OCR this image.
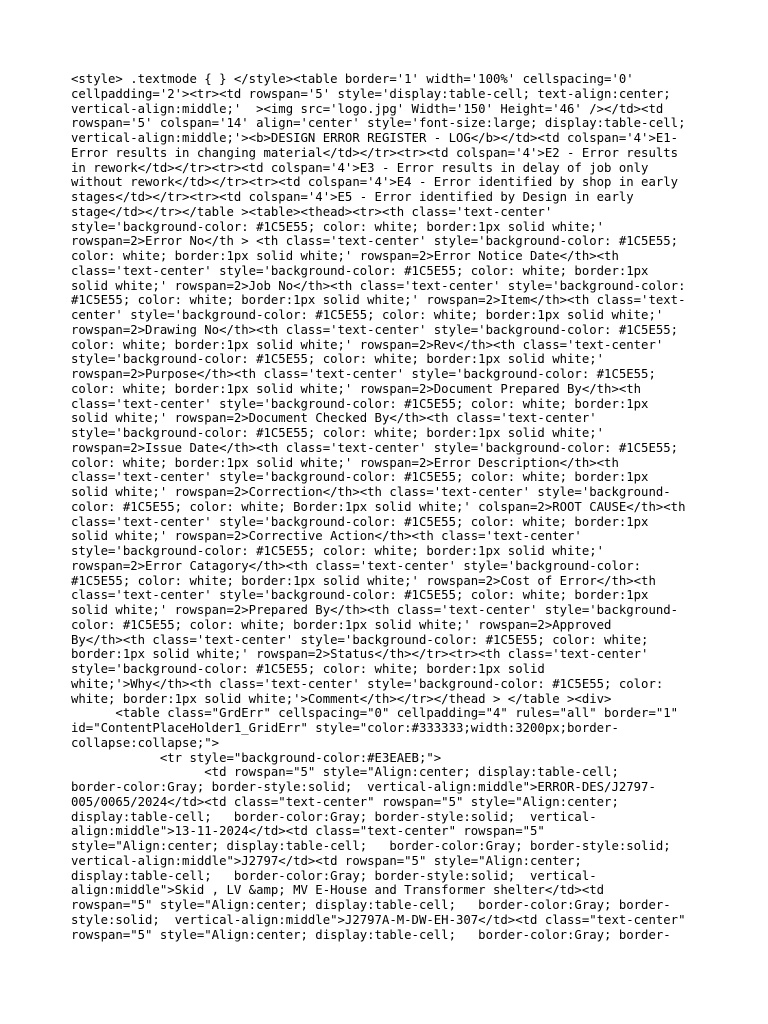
<style> .textmode { } </style><table border='1' width='100%' cellspacing='0'
cellpadding='2'><tr><td rowspan='5' style='display:table-cell; text-align:center;
vertical-align:middle;'  ><img src='logo.jpg' Width='150' Height='46' /></td><td
rowspan='5' colspan='14' align='center' style='font-size:large; display:table-cell;
vertical-align:middle;'><b>DESIGN ERROR REGISTER - LOG</b></td><td colspan='4'>E1-
Error results in changing material</td></tr><tr><td colspan='4'>E2 - Error results
in rework</td></tr><tr><td colspan='4'>E3 - Error results in delay of job only
without rework</td></tr><tr><td colspan='4'>E4 - Error identified by shop in early
stages</td></tr><tr><td colspan='4'>E5 - Error identified by Design in early
stage</td></tr></table ><table><thead><tr><th class='text-center'
style='background-color: #1C5E55; color: white; border:1px solid white;'
rowspan=2>Error No</th > <th class='text-center' style='background-color: #1C5E55;
color: white; border:1px solid white;' rowspan=2>Error Notice Date</th><th
class='text-center' style='background-color: #1C5E55; color: white; border:1px
solid white;' rowspan=2>Job No</th><th class='text-center' style='background-color:
#1C5E55; color: white; border:1px solid white;' rowspan=2>Item</th><th class='text-
center' style='background-color: #1C5E55; color: white; border:1px solid white;'
rowspan=2>Drawing No</th><th class='text-center' style='background-color: #1C5E55;
color: white; border:1px solid white;' rowspan=2>Rev</th><th class='text-center'
style='background-color: #1C5E55; color: white; border:1px solid white;'
rowspan=2>Purpose</th><th class='text-center' style='background-color: #1C5E55;
color: white; border:1px solid white;' rowspan=2>Document Prepared By</th><th
class='text-center' style='background-color: #1C5E55; color: white; border:1px
solid white;' rowspan=2>Document Checked By</th><th class='text-center'
style='background-color: #1C5E55; color: white; border:1px solid white;'
rowspan=2>Issue Date</th><th class='text-center' style='background-color: #1C5E55;
color: white; border:1px solid white;' rowspan=2>Error Description</th><th
class='text-center' style='background-color: #1C5E55; color: white; border:1px
solid white;' rowspan=2>Correction</th><th class='text-center' style='background-
color: #1C5E55; color: white; Border:1px solid white;' colspan=2>ROOT CAUSE</th><th
class='text-center' style='background-color: #1C5E55; color: white; border:1px
solid white;' rowspan=2>Corrective Action</th><th class='text-center'
style='background-color: #1C5E55; color: white; border:1px solid white;'
rowspan=2>Error Catagory</th><th class='text-center' style='background-color:
#1C5E55; color: white; border:1px solid white;' rowspan=2>Cost of Error</th><th
class='text-center' style='background-color: #1C5E55; color: white; border:1px
solid white;' rowspan=2>Prepared By</th><th class='text-center' style='background-
color: #1C5E55; color: white; border:1px solid white;' rowspan=2>Approved
By</th><th class='text-center' style='background-color: #1C5E55; color: white;
border:1px solid white;' rowspan=2>Status</th></tr><tr><th class='text-center'
style='background-color: #1C5E55; color: white; border:1px solid
white;'>Why</th><th class='text-center' style='background-color: #1C5E55; color:
white; border:1px solid white;'>Comment</th></tr></thead > </table ><div>
<table class="GrdErr" cellspacing="0" cellpadding="4" rules="all" border="1"
id="ContentPlaceHolder1_GridErr" style="color:#333333;width:3200px;border-
collapse:collapse;">
<tr style="background-color:#E3EAEB;">
<td rowspan="5" style="Align:center; display:table-cell;
border-color:Gray; border-style:solid;  vertical-align:middle">ERROR-DES/J2797-
005/0065/2024</td><td class="text-center" rowspan="5" style="Align:center;
display:table-cell;   border-color:Gray; border-style:solid;  vertical-
align:middle">13-11-2024</td><td class="text-center" rowspan="5"
style="Align:center; display:table-cell;   border-color:Gray; border-style:solid;
vertical-align:middle">J2797</td><td rowspan="5" style="Align:center;
display:table-cell;   border-color:Gray; border-style:solid;  vertical-
align:middle">Skid , LV &amp; MV E-House and Transformer shelter</td><td
rowspan="5" style="Align:center; display:table-cell;   border-color:Gray; border-
style:solid;  vertical-align:middle">J2797A-M-DW-EH-307</td><td class="text-center"
rowspan="5" style="Align:center; display:table-cell;   border-color:Gray; border-
